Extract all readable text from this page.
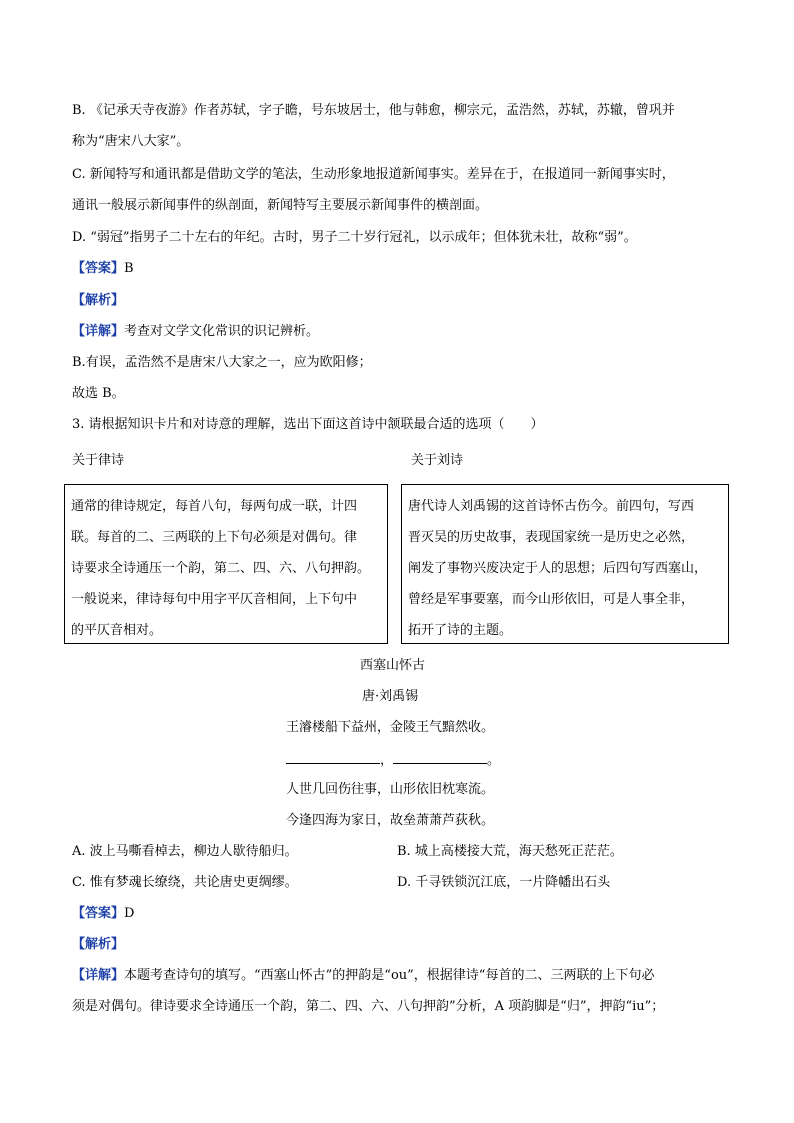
B. 《记承天寺夜游》作者苏轼，字子瞻，号东坡居士，他与韩愈，柳宗元，孟浩然，苏轼，苏辙，曾巩并
称为“唐宋八大家”。
C. 新闻特写和通讯都是借助文学的笔法，生动形象地报道新闻事实。差异在于，在报道同一新闻事实时，
通讯一般展示新闻事件的纵剖面，新闻特写主要展示新闻事件的横剖面。
D. “弱冠”指男子二十左右的年纪。古时，男子二十岁行冠礼，以示成年；但体犹未壮，故称“弱”。
【答案】B
【解析】
【详解】考查对文学文化常识的识记辨析。
B.有误，孟浩然不是唐宋八大家之一，应为欧阳修；
故选 B。
3. 请根据知识卡片和对诗意的理解，选出下面这首诗中颔联最合适的选项（　　）
关于律诗	关于刘诗

通常的律诗规定，每首八句，每两句成一联，计四

联。每首的二、三两联的上下句必须是对偶句。律

诗要求全诗通压一个韵，第二、四、六、八句押韵。

一般说来，律诗每句中用字平仄音相间，上下句中

的平仄音相对。

唐代诗人刘禹锡的这首诗怀古伤今。前四句，写西

晋灭吴的历史故事，表现国家统一是历史之必然，

阐发了事物兴废决定于人的思想；后四句写西塞山，

曾经是军事要塞，而今山形依旧，可是人事全非，

拓开了诗的主题。

西塞山怀古
唐·刘禹锡
王濬楼船下益州，金陵王气黯然收。
，	。
人世几回伤往事，山形依旧枕寒流。
今逢四海为家日，故垒萧萧芦荻秋。
A. 波上马嘶看棹去，柳边人歇待船归。	B. 城上高楼接大荒，海天愁死正茫茫。
C. 惟有梦魂长缭绕，共论唐史更绸缪。	D. 千寻铁锁沉江底，一片降幡出石头
【答案】D
【解析】
【详解】本题考查诗句的填写。“西塞山怀古”的押韵是“ou”，根据律诗“每首的二、三两联的上下句必
须是对偶句。律诗要求全诗通压一个韵，第二、四、六、八句押韵”分析，A 项韵脚是“归”，押韵“iu”；
